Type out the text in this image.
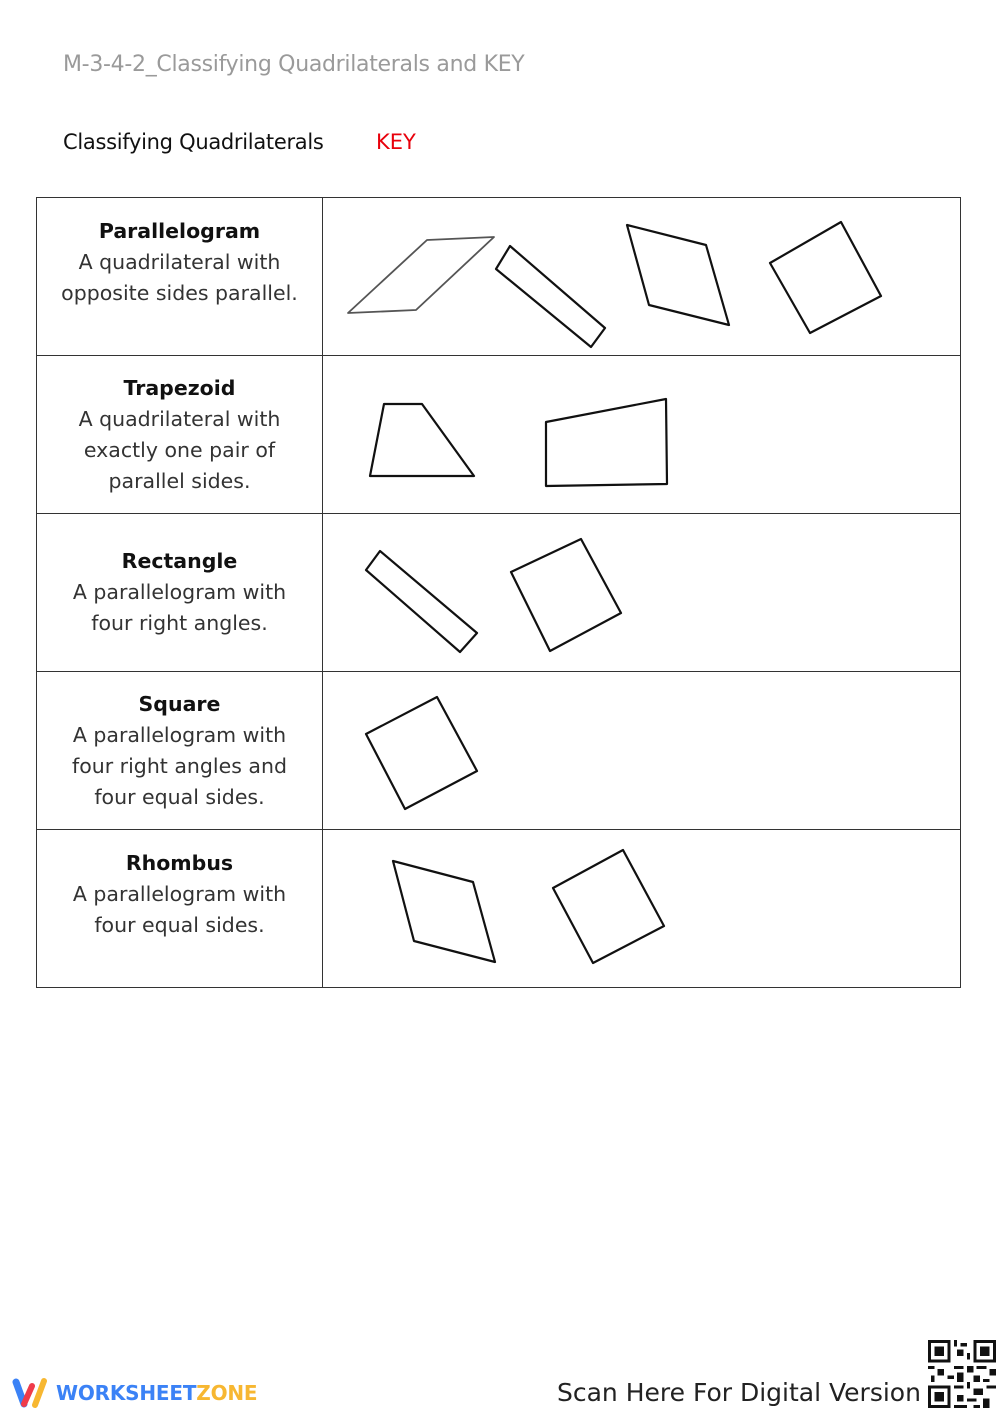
M-3-4-2_Classifying Quadrilaterals and KEY
Classifying Quadrilaterals KEY
Parallelogram
A quadrilateral with opposite sides parallel.

Trapezoid
A quadrilateral with exactly one pair of parallel sides.

Rectangle
A parallelogram with four right angles.

Square
A parallelogram with four right angles and four equal sides.

Rhombus
A parallelogram with four equal sides.

WORKSHEETZONE	Scan Here For Digital Version
